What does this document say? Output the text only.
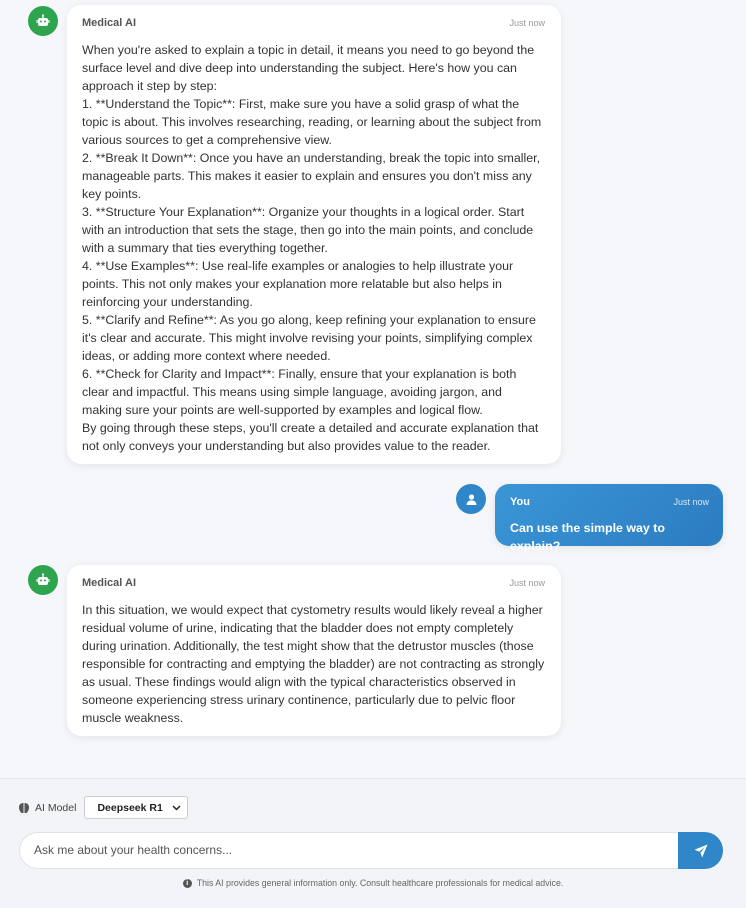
Medical AI	Just now

When you're asked to explain a topic in detail, it means you need to go beyond the surface level and dive deep into understanding the subject. Here's how you can approach it step by step:

1. **Understand the Topic**: First, make sure you have a solid grasp of what the topic is about. This involves researching, reading, or learning about the subject from various sources to get a comprehensive view.

2. **Break It Down**: Once you have an understanding, break the topic into smaller, manageable parts. This makes it easier to explain and ensures you don't miss any key points.

3. **Structure Your Explanation**: Organize your thoughts in a logical order. Start with an introduction that sets the stage, then go into the main points, and conclude with a summary that ties everything together.

4. **Use Examples**: Use real-life examples or analogies to help illustrate your points. This not only makes your explanation more relatable but also helps in reinforcing your understanding.

5. **Clarify and Refine**: As you go along, keep refining your explanation to ensure it's clear and accurate. This might involve revising your points, simplifying complex ideas, or adding more context where needed.

6. **Check for Clarity and Impact**: Finally, ensure that your explanation is both clear and impactful. This means using simple language, avoiding jargon, and making sure your points are well-supported by examples and logical flow.

By going through these steps, you'll create a detailed and accurate explanation that not only conveys your understanding but also provides value to the reader.

You	Just now
Can use the simple way to explain?
Medical AI	Just now
In this situation, we would expect that cystometry results would likely reveal a higher residual volume of urine, indicating that the bladder does not empty completely during urination. Additionally, the test might show that the detrustor muscles (those responsible for contracting and emptying the bladder) are not contracting as strongly as usual. These findings would align with the typical characteristics observed in someone experiencing stress urinary continence, particularly due to pelvic floor muscle weakness.
AI Model Deepseek R1
Ask me about your health concerns...
i This AI provides general information only. Consult healthcare professionals for medical advice.
